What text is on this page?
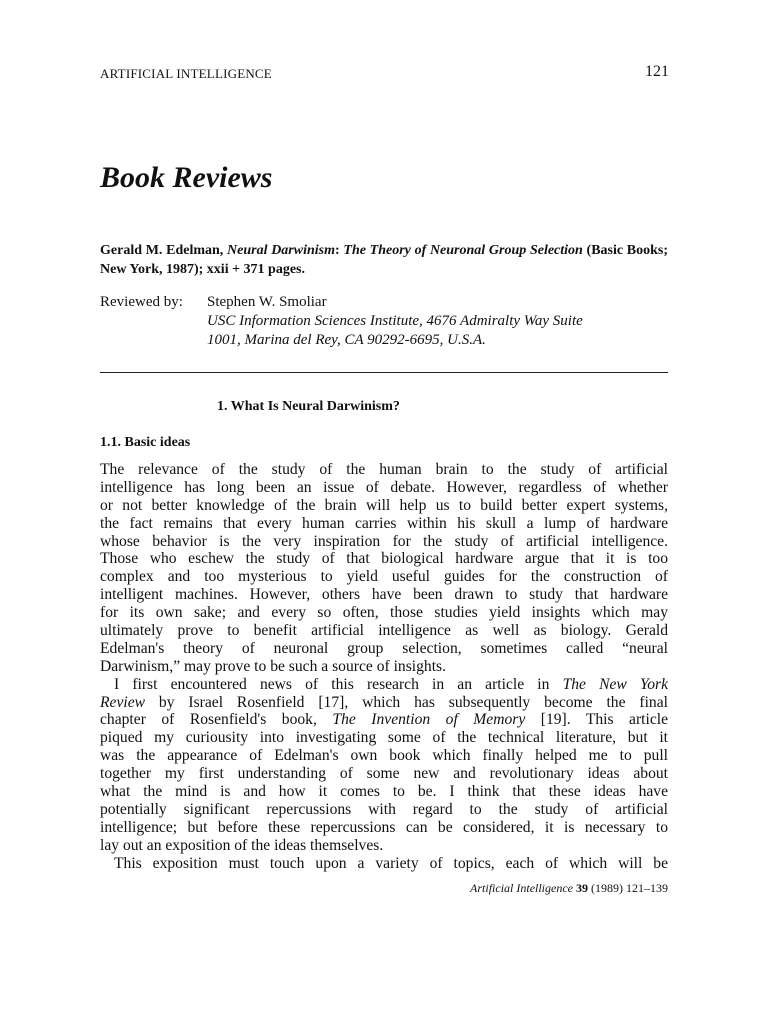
ARTIFICIAL INTELLIGENCE	121
Book Reviews
Gerald M. Edelman, Neural Darwinism: The Theory of Neuronal Group Selection (Basic Books; New York, 1987); xxii + 371 pages.
Reviewed by:	Stephen W. Smoliar
USC Information Sciences Institute, 4676 Admiralty Way Suite
1001, Marina del Rey, CA 90292-6695, U.S.A.
1. What Is Neural Darwinism?
1.1. Basic ideas
The relevance of the study of the human brain to the study of artificial
intelligence has long been an issue of debate. However, regardless of whether
or not better knowledge of the brain will help us to build better expert systems,
the fact remains that every human carries within his skull a lump of hardware
whose behavior is the very inspiration for the study of artificial intelligence.
Those who eschew the study of that biological hardware argue that it is too
complex and too mysterious to yield useful guides for the construction of
intelligent machines. However, others have been drawn to study that hardware
for its own sake; and every so often, those studies yield insights which may
ultimately prove to benefit artificial intelligence as well as biology. Gerald
Edelman's theory of neuronal group selection, sometimes called “neural
Darwinism,” may prove to be such a source of insights.
I first encountered news of this research in an article in The New York
Review by Israel Rosenfield [17], which has subsequently become the final
chapter of Rosenfield's book, The Invention of Memory [19]. This article
piqued my curiousity into investigating some of the technical literature, but it
was the appearance of Edelman's own book which finally helped me to pull
together my first understanding of some new and revolutionary ideas about
what the mind is and how it comes to be. I think that these ideas have
potentially significant repercussions with regard to the study of artificial
intelligence; but before these repercussions can be considered, it is necessary to
lay out an exposition of the ideas themselves.
This exposition must touch upon a variety of topics, each of which will be
Artificial Intelligence 39 (1989) 121–139
